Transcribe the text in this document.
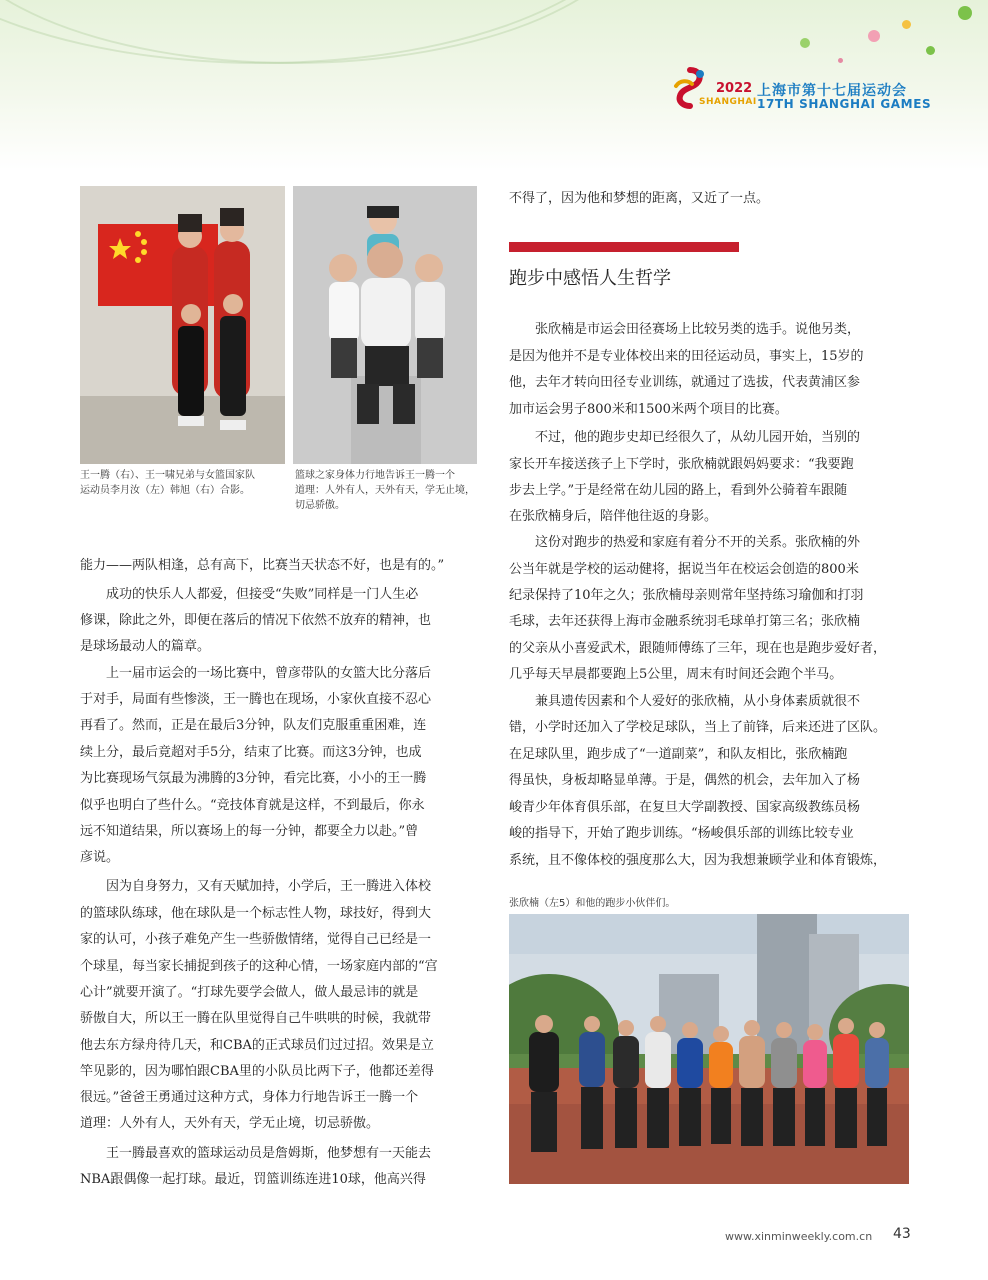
2022
SHANGHAI
上海市第十七届运动会
17TH SHANGHAI GAMES
王一腾（右）、王一啸兄弟与女篮国家队
运动员李月汝（左）韩旭（右）合影。
篮球之家身体力行地告诉王一腾一个
道理：人外有人，天外有天，学无止境，
切忌骄傲。
能力——两队相逢，总有高下，比赛当天状态不好，也是有的。”
　　成功的快乐人人都爱，但接受“失败”同样是一门人生必
修课，除此之外，即便在落后的情况下依然不放弃的精神，也
是球场最动人的篇章。
　　上一届市运会的一场比赛中，曾彦带队的女篮大比分落后
于对手，局面有些惨淡，王一腾也在现场，小家伙直接不忍心
再看了。然而，正是在最后3分钟，队友们克服重重困难，连
续上分，最后竟超对手5分，结束了比赛。而这3分钟，也成
为比赛现场气氛最为沸腾的3分钟，看完比赛，小小的王一腾
似乎也明白了些什么。“竞技体育就是这样，不到最后，你永
远不知道结果，所以赛场上的每一分钟，都要全力以赴。”曾
彦说。
　　因为自身努力，又有天赋加持，小学后，王一腾进入体校
的篮球队练球，他在球队是一个标志性人物，球技好，得到大
家的认可，小孩子难免产生一些骄傲情绪，觉得自己已经是一
个球星，每当家长捕捉到孩子的这种心情，一场家庭内部的“宫
心计”就要开演了。“打球先要学会做人，做人最忌讳的就是
骄傲自大，所以王一腾在队里觉得自己牛哄哄的时候，我就带
他去东方绿舟待几天，和CBA的正式球员们过过招。效果是立
竿见影的，因为哪怕跟CBA里的小队员比两下子，他都还差得
很远。”爸爸王勇通过这种方式，身体力行地告诉王一腾一个
道理：人外有人，天外有天，学无止境，切忌骄傲。
　　王一腾最喜欢的篮球运动员是詹姆斯，他梦想有一天能去
NBA跟偶像一起打球。最近，罚篮训练连进10球，他高兴得
不得了，因为他和梦想的距离，又近了一点。
跑步中感悟人生哲学
　　张欣楠是市运会田径赛场上比较另类的选手。说他另类，
是因为他并不是专业体校出来的田径运动员，事实上，15岁的
他，去年才转向田径专业训练，就通过了选拔，代表黄浦区参
加市运会男子800米和1500米两个项目的比赛。
　　不过，他的跑步史却已经很久了，从幼儿园开始，当别的
家长开车接送孩子上下学时，张欣楠就跟妈妈要求：“我要跑
步去上学。”于是经常在幼儿园的路上，看到外公骑着车跟随
在张欣楠身后，陪伴他往返的身影。
　　这份对跑步的热爱和家庭有着分不开的关系。张欣楠的外
公当年就是学校的运动健将，据说当年在校运会创造的800米
纪录保持了10年之久；张欣楠母亲则常年坚持练习瑜伽和打羽
毛球，去年还获得上海市金融系统羽毛球单打第三名；张欣楠
的父亲从小喜爱武术，跟随师傅练了三年，现在也是跑步爱好者，
几乎每天早晨都要跑上5公里，周末有时间还会跑个半马。
　　兼具遗传因素和个人爱好的张欣楠，从小身体素质就很不
错，小学时还加入了学校足球队，当上了前锋，后来还进了区队。
在足球队里，跑步成了“一道副菜”，和队友相比，张欣楠跑
得虽快，身板却略显单薄。于是，偶然的机会，去年加入了杨
峻青少年体育俱乐部，在复旦大学副教授、国家高级教练员杨
峻的指导下，开始了跑步训练。“杨峻俱乐部的训练比较专业
系统，且不像体校的强度那么大，因为我想兼顾学业和体育锻炼，
张欣楠（左5）和他的跑步小伙伴们。
www.xinminweekly.com.cn 43
